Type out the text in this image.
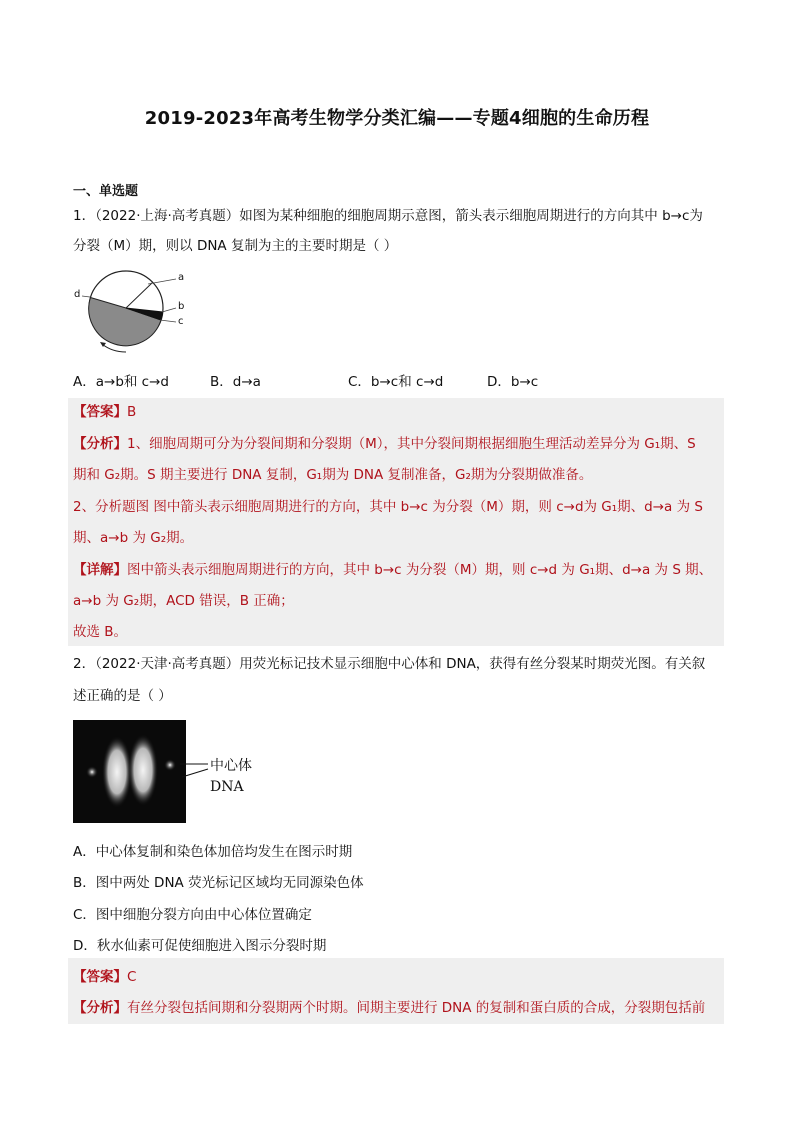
2019-2023年高考生物学分类汇编——专题4细胞的生命历程
一、单选题
1．（2022·上海·高考真题）如图为某种细胞的细胞周期示意图，箭头表示细胞周期进行的方向其中 b→c为
分裂（M）期，则以 DNA 复制为主的主要时期是（ ）
a
b
c
d
A．a→b和 c→d	B．d→a	C．b→c和 c→d	D．b→c
【答案】B
【分析】1、细胞周期可分为分裂间期和分裂期（M），其中分裂间期根据细胞生理活动差异分为 G₁期、S
期和 G₂期。S 期主要进行 DNA 复制，G₁期为 DNA 复制准备，G₂期为分裂期做准备。
2、分析题图 图中箭头表示细胞周期进行的方向，其中 b→c 为分裂（M）期，则 c→d为 G₁期、d→a 为 S
期、a→b 为 G₂期。
【详解】图中箭头表示细胞周期进行的方向，其中 b→c 为分裂（M）期，则 c→d 为 G₁期、d→a 为 S 期、
a→b 为 G₂期，ACD 错误，B 正确；
故选 B。
2．（2022·天津·高考真题）用荧光标记技术显示细胞中心体和 DNA，获得有丝分裂某时期荧光图。有关叙
述正确的是（ ）
中心体
DNA
A．中心体复制和染色体加倍均发生在图示时期
B．图中两处 DNA 荧光标记区域均无同源染色体
C．图中细胞分裂方向由中心体位置确定
D．秋水仙素可促使细胞进入图示分裂时期
【答案】C
【分析】有丝分裂包括间期和分裂期两个时期。间期主要进行 DNA 的复制和蛋白质的合成，分裂期包括前
